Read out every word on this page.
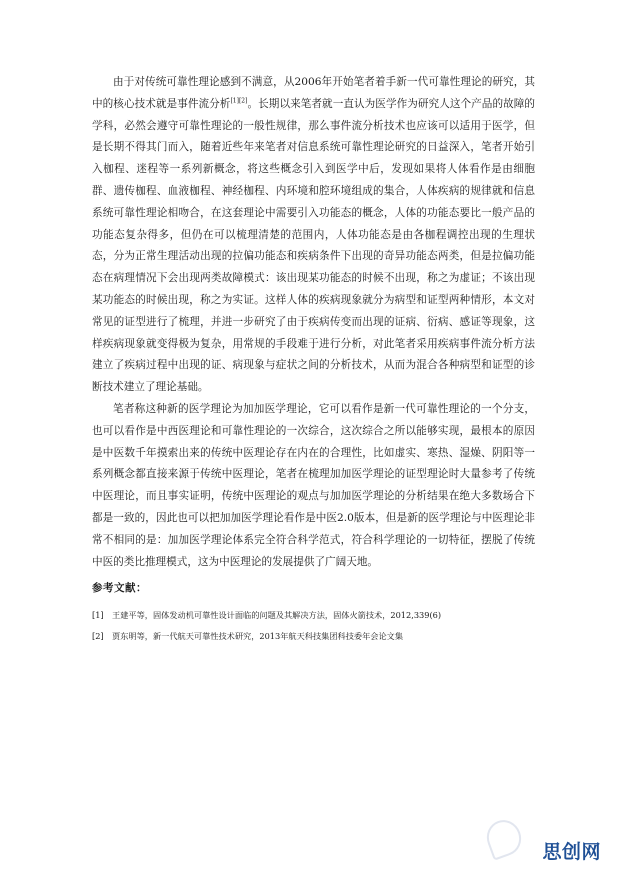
由于对传统可靠性理论感到不满意，从2006年开始笔者着手新一代可靠性理论的研究，其中的核心技术就是事件流分析[1][2]。长期以来笔者就一直认为医学作为研究人这个产品的故障的学科，必然会遵守可靠性理论的一般性规律，那么事件流分析技术也应该可以适用于医学，但是长期不得其门而入，随着近些年来笔者对信息系统可靠性理论研究的日益深入，笔者开始引入枷程、迷程等一系列新概念，将这些概念引入到医学中后，发现如果将人体看作是由细胞群、遗传枷程、血液枷程、神经枷程、内环境和腔环境组成的集合，人体疾病的规律就和信息系统可靠性理论相吻合，在这套理论中需要引入功能态的概念，人体的功能态要比一般产品的功能态复杂得多，但仍在可以梳理清楚的范围内，人体功能态是由各枷程调控出现的生理状态，分为正常生理活动出现的拉偏功能态和疾病条件下出现的奇异功能态两类，但是拉偏功能态在病理情况下会出现两类故障模式：该出现某功能态的时候不出现，称之为虚证；不该出现某功能态的时候出现，称之为实证。这样人体的疾病现象就分为病型和证型两种情形，本文对常见的证型进行了梳理，并进一步研究了由于疾病传变而出现的证病、衍病、感证等现象，这样疾病现象就变得极为复杂，用常规的手段难于进行分析，对此笔者采用疾病事件流分析方法建立了疾病过程中出现的证、病现象与症状之间的分析技术，从而为混合各种病型和证型的诊断技术建立了理论基础。

笔者称这种新的医学理论为加加医学理论，它可以看作是新一代可靠性理论的一个分支，也可以看作是中西医理论和可靠性理论的一次综合，这次综合之所以能够实现，最根本的原因是中医数千年摸索出来的传统中医理论存在内在的合理性，比如虚实、寒热、湿燥、阴阳等一系列概念都直接来源于传统中医理论，笔者在梳理加加医学理论的证型理论时大量参考了传统中医理论，而且事实证明，传统中医理论的观点与加加医学理论的分析结果在绝大多数场合下都是一致的，因此也可以把加加医学理论看作是中医2.0版本，但是新的医学理论与中医理论非常不相同的是：加加医学理论体系完全符合科学范式，符合科学理论的一切特征，摆脱了传统中医的类比推理模式，这为中医理论的发展提供了广阔天地。

参考文献：

[1] 王建平等，固体发动机可靠性设计面临的问题及其解决方法，固体火箭技术，2012,339(6)

[2] 贾东明等，新一代航天可靠性技术研究，2013年航天科技集团科技委年会论文集

思创网
